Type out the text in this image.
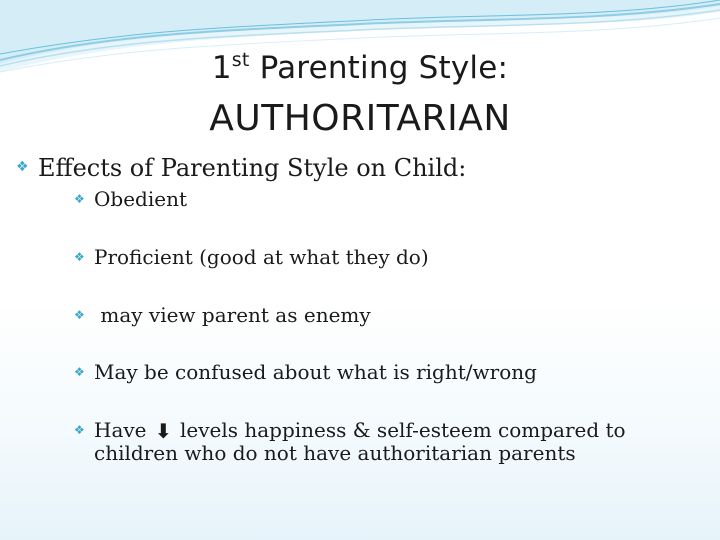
1st Parenting Style:
AUTHORITARIAN
❖ Effects of Parenting Style on Child:
❖ Obedient
❖ Proficient (good at what they do)
❖ may view parent as enemy
❖ May be confused about what is right/wrong
❖ Have ⬇ levels happiness & self-esteem compared to
children who do not have authoritarian parents
